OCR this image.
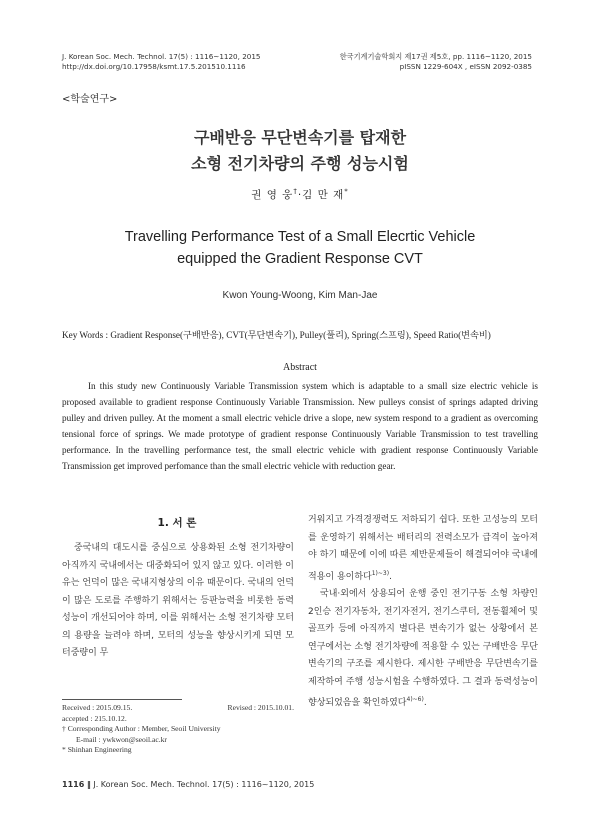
J. Korean Soc. Mech. Technol. 17(5) : 1116~1120, 2015
http://dx.doi.org/10.17958/ksmt.17.5.201510.1116
한국기계기술학회지 제17권 제5호, pp. 1116~1120, 2015
pISSN 1229-604X , eISSN 2092-0385
<학술연구>
구배반응 무단변속기를 탑재한
소형 전기차량의 주행 성능시험
권 영 웅†·김 만 재*
Travelling Performance Test of a Small Elecrtic Vehicle
equipped the Gradient Response CVT
Kwon Young-Woong, Kim Man-Jae
Key Words : Gradient Response(구배반응), CVT(무단변속기), Pulley(풀리), Spring(스프링), Speed Ratio(변속비)
Abstract

In this study new Continuously Variable Transmission system which is adaptable to a small size electric vehicle is proposed available to gradient response Continuously Variable Transmission. New pulleys consist of springs adapted driving pulley and driven pulley. At the moment a small electric vehicle drive a slope, new system respond to a gradient as overcoming tensional force of springs. We made prototype of gradient response Continuously Variable Transmission to test travelling performance. In the travelling performance test, the small electric vehicle with gradient response Continuously Variable Transmission get improved perfomance than the small electric vehicle with reduction gear.

1. 서 론

중국내의 대도시를 중심으로 상용화된 소형 전기차량이 아직까지 국내에서는 대중화되어 있지 않고 있다. 이러한 이유는 언덕이 많은 국내지형상의 이유 때문이다. 국내의 언덕이 많은 도로를 주행하기 위해서는 등판능력을 비롯한 동력성능이 개선되어야 하며, 이를 위해서는 소형 전기차량 모터의 용량을 늘려야 하며, 모터의 성능을 향상시키게 되면 모터중량이 무

거워지고 가격경쟁력도 저하되기 쉽다. 또한 고성능의 모터를 운영하기 위해서는 배터리의 전력소모가 급격이 높아져야 하기 때문에 이에 따른 제반문제들이 해결되어야 국내에 적용이 용이하다$^{1)\sim 3)}$.

국내·외에서 상용되어 운행 중인 전기구동 소형 차량인 2인승 전기자동차, 전기자전거, 전기스쿠터, 전동휠체어 및 골프카 등에 아직까지 별다른 변속기가 없는 상황에서 본 연구에서는 소형 전기차량에 적용할 수 있는 구배반응 무단변속기의 구조를 제시한다. 제시한 구배반응 무단변속기를 제작하여 주행 성능시험을 수행하였다. 그 결과 동력성능이 향상되었음을 확인하였다$^{4)\sim 6)}$.

Received : 2015.09.15.	Revised : 2015.10.01.
accepted : 215.10.12.
† Corresponding Author : Member, Seoil University
E-mail : ywkwon@seoil.ac.kr
* Shinhan Engineering
1116 ‖ J. Korean Soc. Mech. Technol. 17(5) : 1116~1120, 2015
